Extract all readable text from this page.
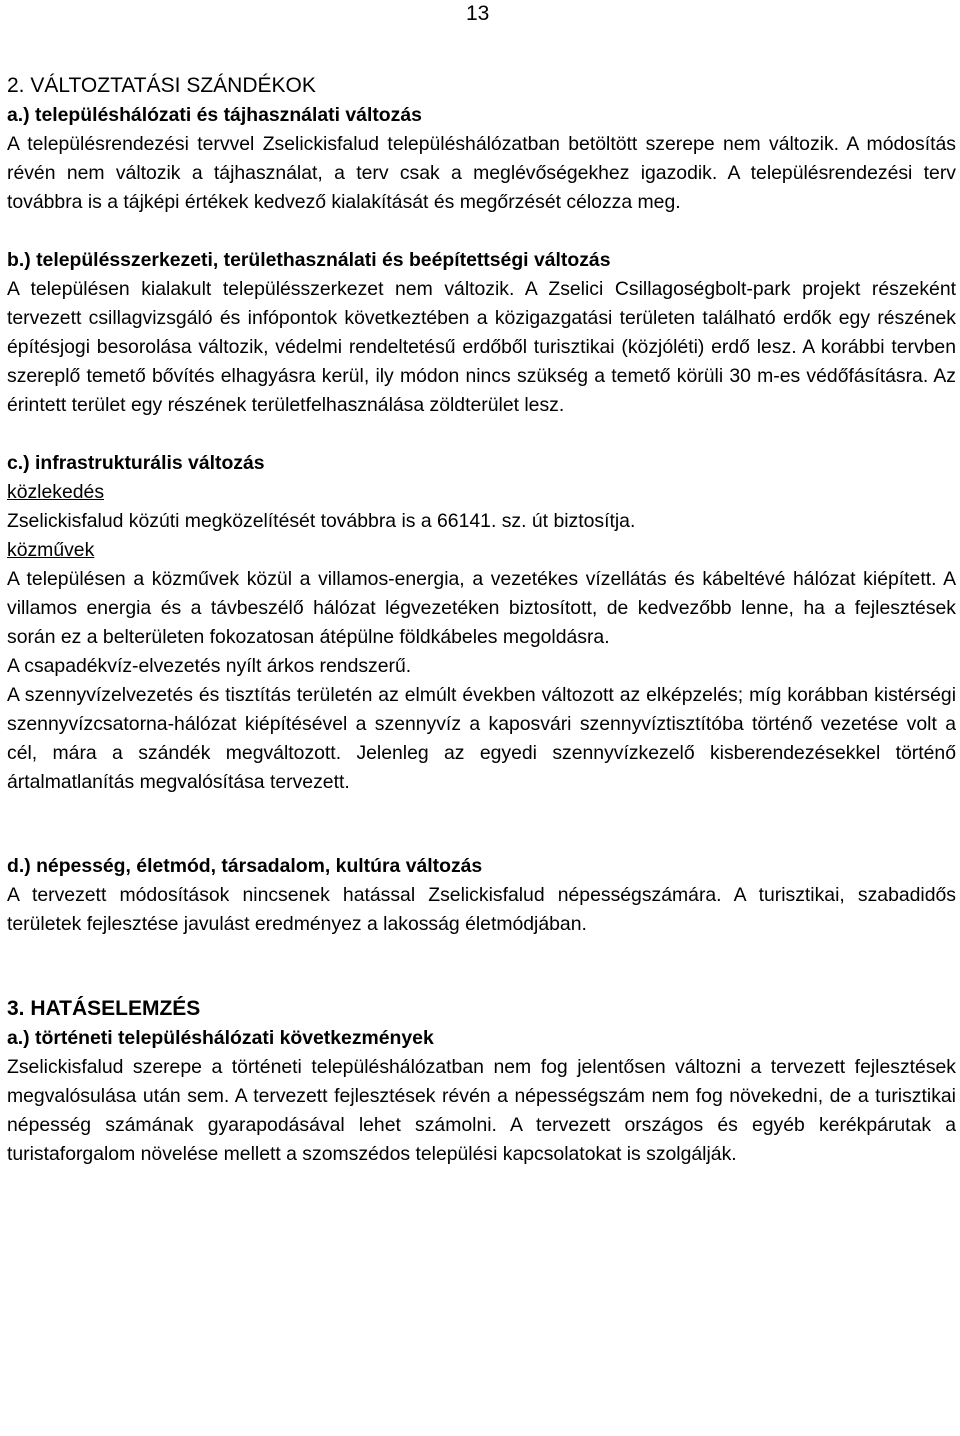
13

2. VÁLTOZTATÁSI SZÁNDÉKOK

a.) településhálózati és tájhasználati változás

A településrendezési tervvel Zselickisfalud településhálózatban betöltött szerepe nem változik. A módosítás révén nem változik a tájhasználat, a terv csak a meglévőségekhez igazodik. A településrendezési terv továbbra is a tájképi értékek kedvező kialakítását és megőrzését célozza meg.

b.) településszerkezeti, területhasználati és beépítettségi változás

A településen kialakult településszerkezet nem változik. A Zselici Csillagoségbolt-park projekt részeként tervezett csillagvizsgáló és infópontok következtében a közigazgatási területen található erdők egy részének építésjogi besorolása változik, védelmi rendeltetésű erdőből turisztikai (közjóléti) erdő lesz. A korábbi tervben szereplő temető bővítés elhagyásra kerül, ily módon nincs szükség a temető körüli 30 m-es védőfásításra. Az érintett terület egy részének területfelhasználása zöldterület lesz.

c.) infrastrukturális változás

közlekedés

Zselickisfalud közúti megközelítését továbbra is a 66141. sz. út biztosítja.

közművek

A településen a közművek közül a villamos-energia, a vezetékes vízellátás és kábeltévé hálózat kiépített. A villamos energia és a távbeszélő hálózat légvezetéken biztosított, de kedvezőbb lenne, ha a fejlesztések során ez a belterületen fokozatosan átépülne földkábeles megoldásra.

A csapadékvíz-elvezetés nyílt árkos rendszerű.

A szennyvízelvezetés és tisztítás területén az elmúlt években változott az elképzelés; míg korábban kistérségi szennyvízcsatorna-hálózat kiépítésével a szennyvíz a kaposvári szennyvíztisztítóba történő vezetése volt a cél, mára a szándék megváltozott. Jelenleg az egyedi szennyvízkezelő kisberendezésekkel történő ártalmatlanítás megvalósítása tervezett.

d.) népesség, életmód, társadalom, kultúra változás

A tervezett módosítások nincsenek hatással Zselickisfalud népességszámára. A turisztikai, szabadidős területek fejlesztése javulást eredményez a lakosság életmódjában.

3. HATÁSELEMZÉS

a.) történeti településhálózati következmények

Zselickisfalud szerepe a történeti településhálózatban nem fog jelentősen változni a tervezett fejlesztések megvalósulása után sem. A tervezett fejlesztések révén a népességszám nem fog növekedni, de a turisztikai népesség számának gyarapodásával lehet számolni. A tervezett országos és egyéb kerékpárutak a turistaforgalom növelése mellett a szomszédos települési kapcsolatokat is szolgálják.
